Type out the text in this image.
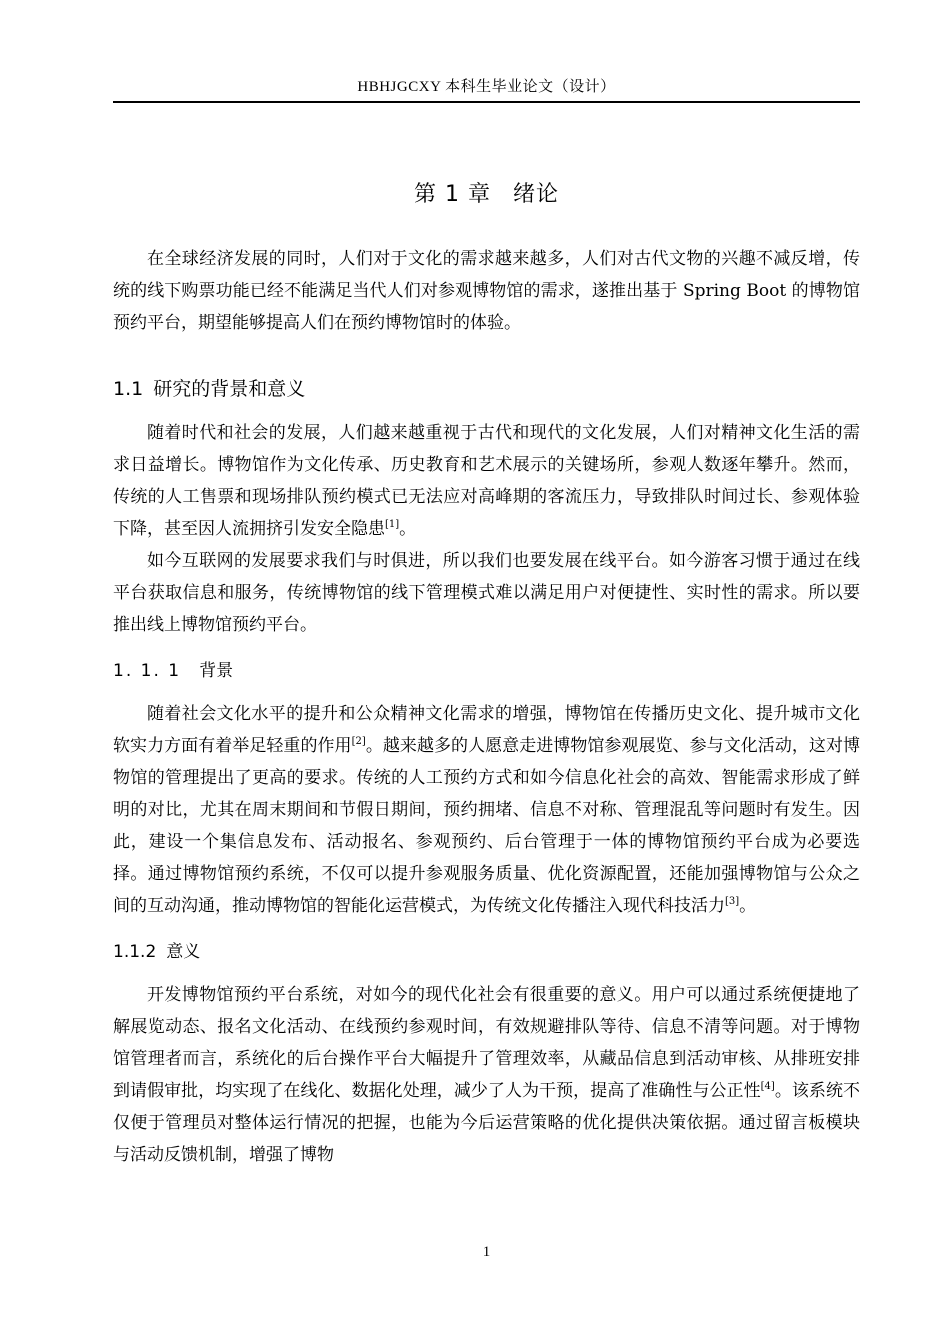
HBHJGCXY 本科生毕业论文（设计）
第 1 章 绪论

在全球经济发展的同时，人们对于文化的需求越来越多，人们对古代文物的兴趣不减反增，传统的线下购票功能已经不能满足当代人们对参观博物馆的需求，遂推出基于 Spring Boot 的博物馆预约平台，期望能够提高人们在预约博物馆时的体验。

1.1 研究的背景和意义

随着时代和社会的发展，人们越来越重视于古代和现代的文化发展，人们对精神文化生活的需求日益增长。博物馆作为文化传承、历史教育和艺术展示的关键场所，参观人数逐年攀升。然而，传统的人工售票和现场排队预约模式已无法应对高峰期的客流压力，导致排队时间过长、参观体验下降，甚至因人流拥挤引发安全隐患[1]。

如今互联网的发展要求我们与时俱进，所以我们也要发展在线平台。如今游客习惯于通过在线平台获取信息和服务，传统博物馆的线下管理模式难以满足用户对便捷性、实时性的需求。所以要推出线上博物馆预约平台。

1. 1. 1 背景

随着社会文化水平的提升和公众精神文化需求的增强，博物馆在传播历史文化、提升城市文化软实力方面有着举足轻重的作用[2]。越来越多的人愿意走进博物馆参观展览、参与文化活动，这对博物馆的管理提出了更高的要求。传统的人工预约方式和如今信息化社会的高效、智能需求形成了鲜明的对比，尤其在周末期间和节假日期间，预约拥堵、信息不对称、管理混乱等问题时有发生。因此，建设一个集信息发布、活动报名、参观预约、后台管理于一体的博物馆预约平台成为必要选择。通过博物馆预约系统，不仅可以提升参观服务质量、优化资源配置，还能加强博物馆与公众之间的互动沟通，推动博物馆的智能化运营模式，为传统文化传播注入现代科技活力[3]。

1.1.2 意义

开发博物馆预约平台系统，对如今的现代化社会有很重要的意义。用户可以通过系统便捷地了解展览动态、报名文化活动、在线预约参观时间，有效规避排队等待、信息不清等问题。对于博物馆管理者而言，系统化的后台操作平台大幅提升了管理效率，从藏品信息到活动审核、从排班安排到请假审批，均实现了在线化、数据化处理，减少了人为干预，提高了准确性与公正性[4]。该系统不仅便于管理员对整体运行情况的把握，也能为今后运营策略的优化提供决策依据。通过留言板模块与活动反馈机制，增强了博物

1
